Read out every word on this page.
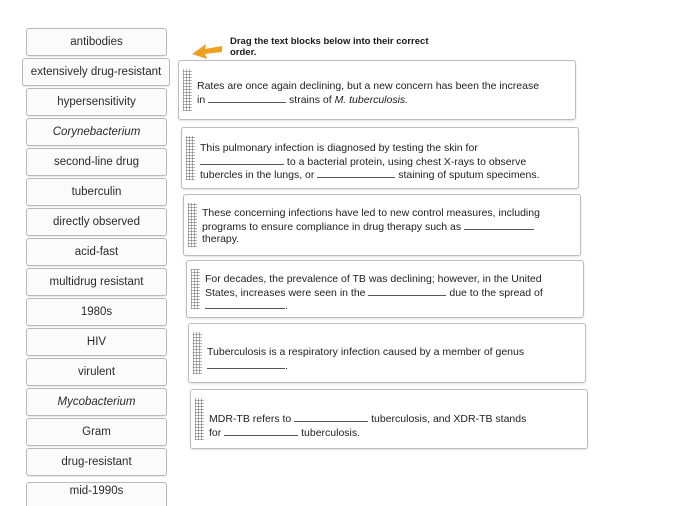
antibodies
extensively drug-resistant
hypersensitivity
Corynebacterium
second-line drug
tuberculin
directly observed
acid-fast
multidrug resistant
1980s
HIV
virulent
Mycobacterium
Gram
drug-resistant
mid-1990s
Drag the text blocks below into their correct order.
Rates are once again declining, but a new concern has been the increase
in	strains of M. tuberculosis.
This pulmonary infection is diagnosed by testing the skin for
to a bacterial protein, using chest X-rays to observe
tubercles in the lungs, or	staining of sputum specimens.
These concerning infections have led to new control measures, including
programs to ensure compliance in drug therapy such as
therapy.
For decades, the prevalence of TB was declining; however, in the United
States, increases were seen in the	due to the spread of
.
Tuberculosis is a respiratory infection caused by a member of genus
.
MDR-TB refers to	tuberculosis, and XDR-TB stands
for	tuberculosis.
